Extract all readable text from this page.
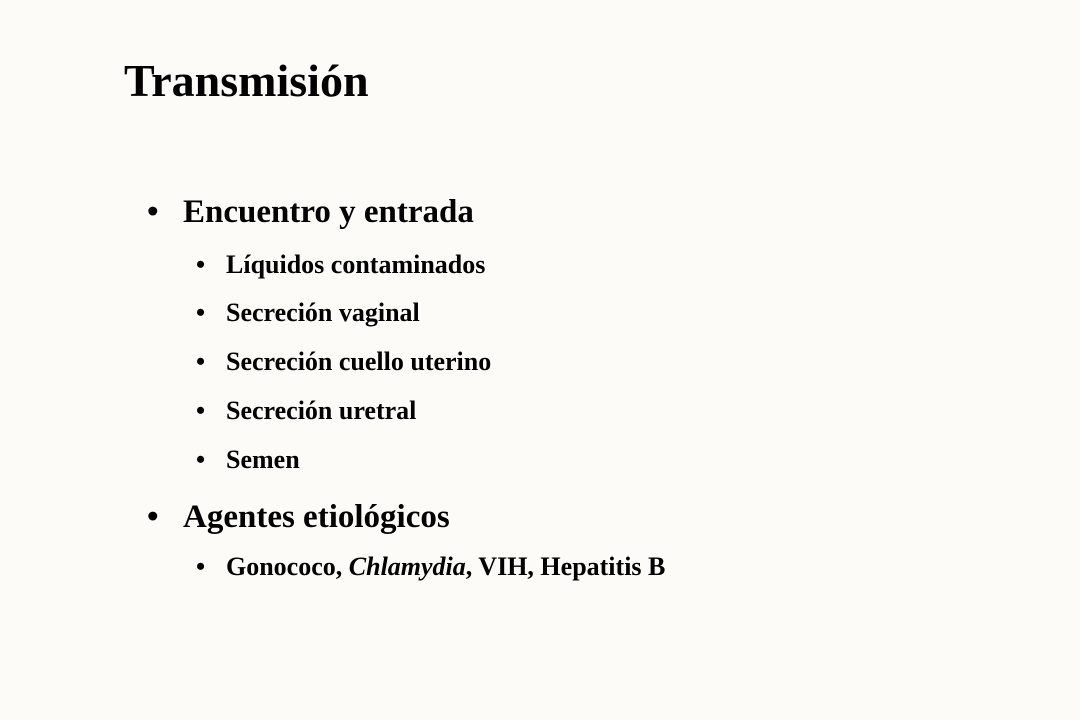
Transmisión
• Encuentro y entrada
• Líquidos contaminados
• Secreción vaginal
• Secreción cuello uterino
• Secreción uretral
• Semen
• Agentes etiológicos
• Gonococo, Chlamydia, VIH, Hepatitis B
